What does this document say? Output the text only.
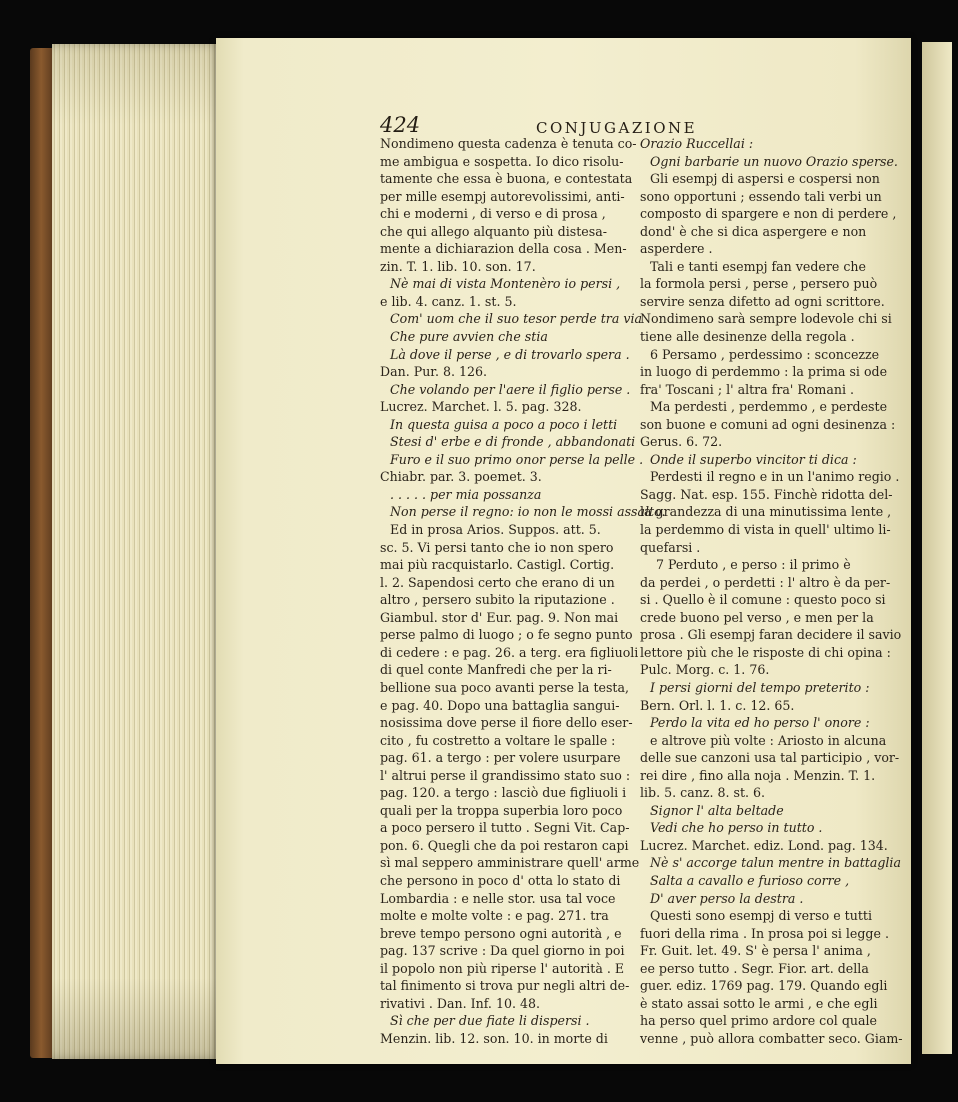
424	CONJUGAZIONE
Nondimeno questa cadenza è tenuta co-
me ambigua e sospetta. Io dico risolu-
tamente che essa è buona, e contestata
per mille esempj autorevolissimi, anti-
chi e moderni , di verso e di prosa ,
che qui allego alquanto più distesa-
mente a dichiarazion della cosa . Men-
zin. T. 1. lib. 10. son. 17.
Nè mai di vista Montenèro io persi ,
e lib. 4. canz. 1. st. 5.
Com' uom che il suo tesor perde tra via
Che pure avvien che stia
Là dove il perse , e di trovarlo spera .
Dan. Pur. 8. 126.
Che volando per l'aere il figlio perse .
Lucrez. Marchet. l. 5. pag. 328.
In questa guisa a poco a poco i letti
Stesi d' erbe e di fronde , abbandonati
Furo e il suo primo onor perse la pelle .
Chiabr. par. 3. poemet. 3.
. . . . . per mia possanza
Non perse il regno: io non le mossi assalto.
Ed in prosa Arios. Suppos. att. 5.
sc. 5. Vi persi tanto che io non spero
mai più racquistarlo. Castigl. Cortig.
l. 2. Sapendosi certo che erano di un
altro , persero subito la riputazione .
Giambul. stor d' Eur. pag. 9. Non mai
perse palmo di luogo ; o fe segno punto
di cedere : e pag. 26. a terg. era figliuoli
di quel conte Manfredi che per la ri-
bellione sua poco avanti perse la testa,
e pag. 40. Dopo una battaglia sangui-
nosissima dove perse il fiore dello eser-
cito , fu costretto a voltare le spalle :
pag. 61. a tergo : per volere usurpare
l' altrui perse il grandissimo stato suo :
pag. 120. a tergo : lasciò due figliuoli i
quali per la troppa superbia loro poco
a poco persero il tutto . Segni Vit. Cap-
pon. 6. Quegli che da poi restaron capi
sì mal seppero amministrare quell' arme
che persono in poco d' otta lo stato di
Lombardia : e nelle stor. usa tal voce
molte e molte volte : e pag. 271. tra
breve tempo persono ogni autorità , e
pag. 137 scrive : Da quel giorno in poi
il popolo non più riperse l' autorità . E
tal finimento si trova pur negli altri de-
rivativi . Dan. Inf. 10. 48.
Sì che per due fiate li dispersi .
Menzin. lib. 12. son. 10. in morte di
Orazio Ruccellai :
Ogni barbarie un nuovo Orazio sperse.
Gli esempj di aspersi e cospersi non
sono opportuni ; essendo tali verbi un
composto di spargere e non di perdere ,
dond' è che si dica aspergere e non
asperdere .
Tali e tanti esempj fan vedere che
la formola persi , perse , persero può
servire senza difetto ad ogni scrittore.
Nondimeno sarà sempre lodevole chi si
tiene alle desinenze della regola .
6 Persamo , perdessimo : sconcezze
in luogo di perdemmo : la prima si ode
fra' Toscani ; l' altra fra' Romani .
Ma perdesti , perdemmo , e perdeste
son buone e comuni ad ogni desinenza :
Gerus. 6. 72.
Onde il superbo vincitor ti dica :
Perdesti il regno e in un l'animo regio .
Sagg. Nat. esp. 155. Finchè ridotta del-
la grandezza di una minutissima lente ,
la perdemmo di vista in quell' ultimo li-
quefarsi .
7 Perduto , e perso : il primo è
da perdei , o perdetti : l' altro è da per-
si . Quello è il comune : questo poco si
crede buono pel verso , e men per la
prosa . Gli esempj faran decidere il savio
lettore più che le risposte di chi opina :
Pulc. Morg. c. 1. 76.
I persi giorni del tempo preterito :
Bern. Orl. l. 1. c. 12. 65.
Perdo la vita ed ho perso l' onore :
e altrove più volte : Ariosto in alcuna
delle sue canzoni usa tal participio , vor-
rei dire , fino alla noja . Menzin. T. 1.
lib. 5. canz. 8. st. 6.
Signor l' alta beltade
Vedi che ho perso in tutto .
Lucrez. Marchet. ediz. Lond. pag. 134.
Nè s' accorge talun mentre in battaglia
Salta a cavallo e furioso corre ,
D' aver perso la destra .
Questi sono esempj di verso e tutti
fuori della rima . In prosa poi si legge .
Fr. Guit. let. 49. S' è persa l' anima ,
ee perso tutto . Segr. Fior. art. della
guer. ediz. 1769 pag. 179. Quando egli
è stato assai sotto le armi , e che egli
ha perso quel primo ardore col quale
venne , può allora combatter seco. Giam-
